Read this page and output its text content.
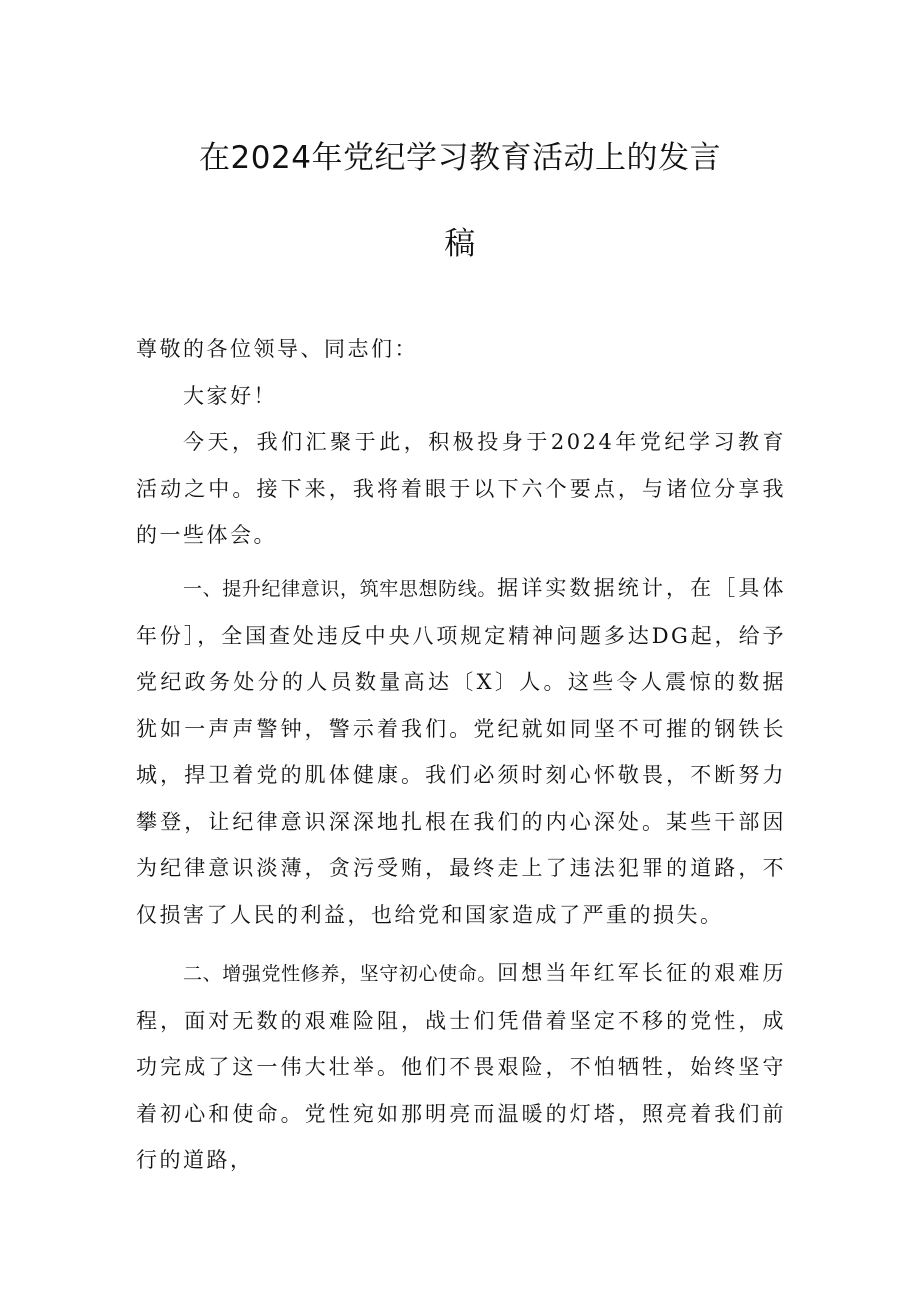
在2024年党纪学习教育活动上的发言
稿

尊敬的各位领导、同志们：

大家好！

今天，我们汇聚于此，积极投身于2024年党纪学习教育活动之中。接下来，我将着眼于以下六个要点，与诸位分享我的一些体会。

一、提升纪律意识，筑牢思想防线。据详实数据统计，在［具体年份］，全国查处违反中央八项规定精神问题多达DG起，给予党纪政务处分的人员数量高达〔X〕人。这些令人震惊的数据犹如一声声警钟，警示着我们。党纪就如同坚不可摧的钢铁长城，捍卫着党的肌体健康。我们必须时刻心怀敬畏，不断努力攀登，让纪律意识深深地扎根在我们的内心深处。某些干部因为纪律意识淡薄，贪污受贿，最终走上了违法犯罪的道路，不仅损害了人民的利益，也给党和国家造成了严重的损失。

二、增强党性修养，坚守初心使命。回想当年红军长征的艰难历程，面对无数的艰难险阻，战士们凭借着坚定不移的党性，成功完成了这一伟大壮举。他们不畏艰险，不怕牺牲，始终坚守着初心和使命。党性宛如那明亮而温暖的灯塔，照亮着我们前行的道路，
